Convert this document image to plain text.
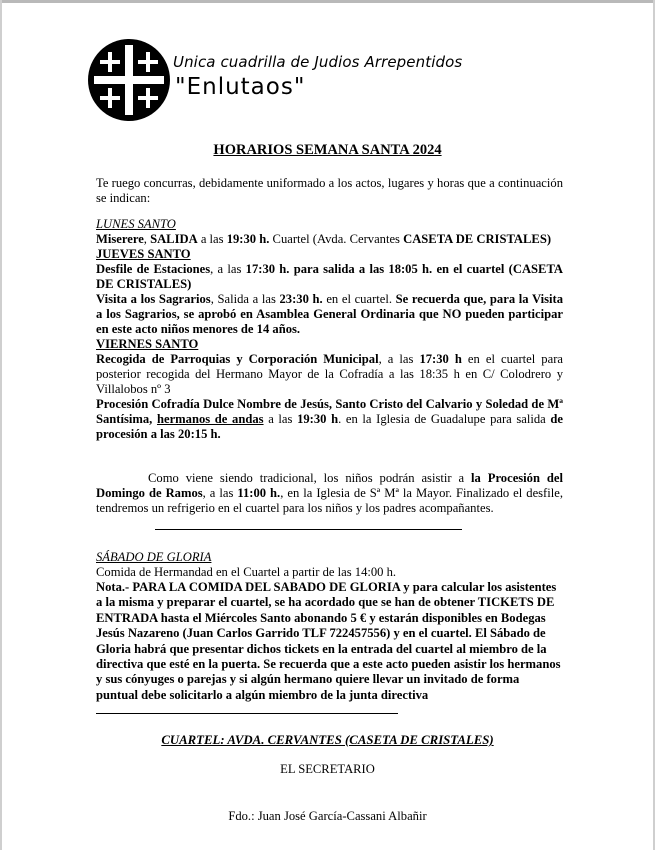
Unica cuadrilla de Judios Arrepentidos
"Enlutaos"
HORARIOS SEMANA SANTA 2024

Te ruego concurras, debidamente uniformado a los actos, lugares y horas que a continuación se indican:

LUNES SANTO

Miserere, SALIDA a las 19:30 h. Cuartel (Avda. Cervantes CASETA DE CRISTALES)

JUEVES SANTO

Desfile de Estaciones, a las 17:30 h. para salida a las 18:05 h. en el cuartel (CASETA DE CRISTALES)

Visita a los Sagrarios, Salida a las 23:30 h. en el cuartel. Se recuerda que, para la Visita a los Sagrarios, se aprobó en Asamblea General Ordinaria que NO pueden participar en este acto niños menores de 14 años.

VIERNES SANTO

Recogida de Parroquias y Corporación Municipal, a las 17:30 h en el cuartel para posterior recogida del Hermano Mayor de la Cofradía a las 18:35 h en C/ Colodrero y Villalobos nº 3

Procesión Cofradía Dulce Nombre de Jesús, Santo Cristo del Calvario y Soledad de Mª Santísima, hermanos de andas a las 19:30 h. en la Iglesia de Guadalupe para salida de procesión a las 20:15 h.

Como viene siendo tradicional, los niños podrán asistir a la Procesión del Domingo de Ramos, a las 11:00 h., en la Iglesia de Sª Mª la Mayor. Finalizado el desfile, tendremos un refrigerio en el cuartel para los niños y los padres acompañantes.

SÁBADO DE GLORIA

Comida de Hermandad en el Cuartel a partir de las 14:00 h.

Nota.- PARA LA COMIDA DEL SABADO DE GLORIA y para calcular los asistentes a la misma y preparar el cuartel, se ha acordado que se han de obtener TICKETS DE ENTRADA hasta el Miércoles Santo abonando 5 € y estarán disponibles en Bodegas Jesús Nazareno (Juan Carlos Garrido TLF 722457556) y en el cuartel. El Sábado de Gloria habrá que presentar dichos tickets en la entrada del cuartel al miembro de la directiva que esté en la puerta. Se recuerda que a este acto pueden asistir los hermanos y sus cónyuges o parejas y si algún hermano quiere llevar un invitado de forma puntual debe solicitarlo a algún miembro de la junta directiva

CUARTEL: AVDA. CERVANTES (CASETA DE CRISTALES)
EL SECRETARIO
Fdo.: Juan José García-Cassani Albañir
